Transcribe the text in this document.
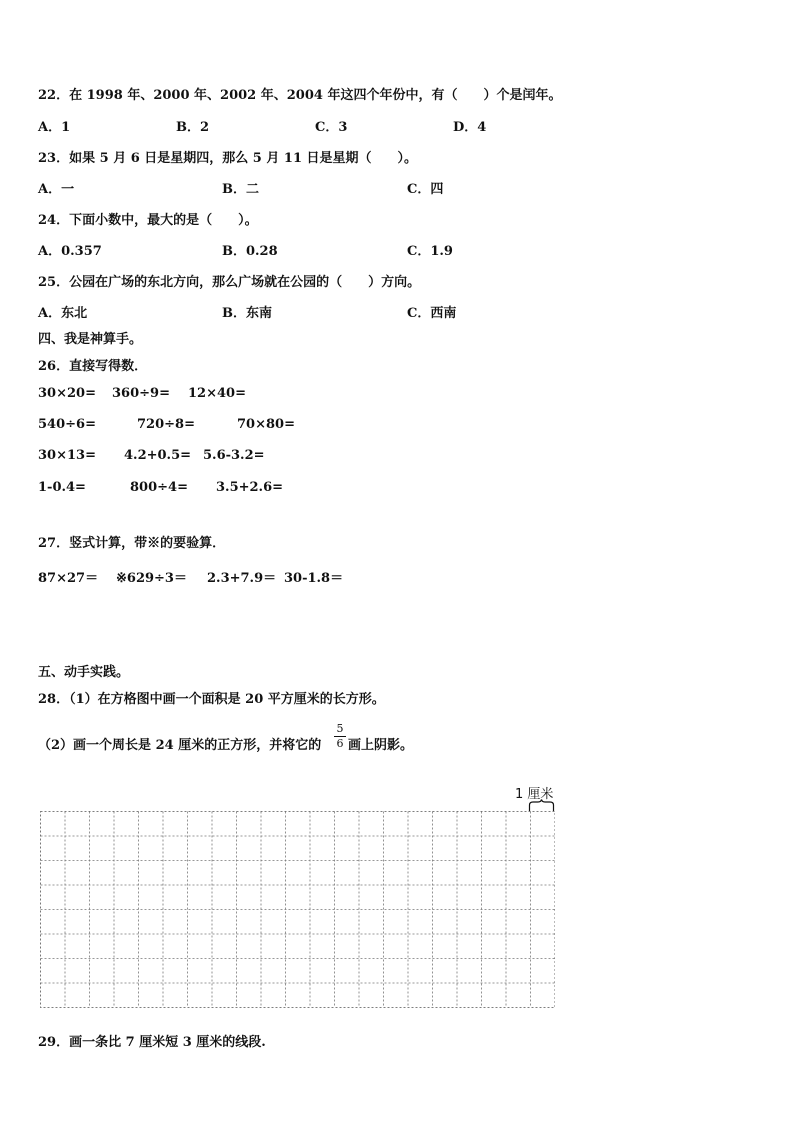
22．在 1998 年、2000 年、2002 年、2004 年这四个年份中，有（　　）个是闰年。
A．1	B．2	C．3	D．4
23．如果 5 月 6 日是星期四，那么 5 月 11 日是星期（　　）。
A．一	B．二	C．四
24．下面小数中，最大的是（　　）。
A．0.357	B．0.28	C．1.9
25．公园在广场的东北方向，那么广场就在公园的（　　）方向。
A．东北	B．东南	C．西南
四、我是神算手。
26．直接写得数．
30×20= 360÷9= 12×40=
540÷6=	720÷8=	70×80=
30×13= 4.2+0.5= 5.6-3.2=
1-0.4=	800÷4= 3.5+2.6=
27．竖式计算，带※的要验算．
87×27＝ ※629÷3＝ 2.3+7.9＝ 30-1.8＝
五、动手实践。
28．（1）在方格图中画一个面积是 20 平方厘米的长方形。
（2）画一个周长是 24 厘米的正方形，并将它的
5
6 画上阴影。
1 厘米
29．画一条比 7 厘米短 3 厘米的线段.
